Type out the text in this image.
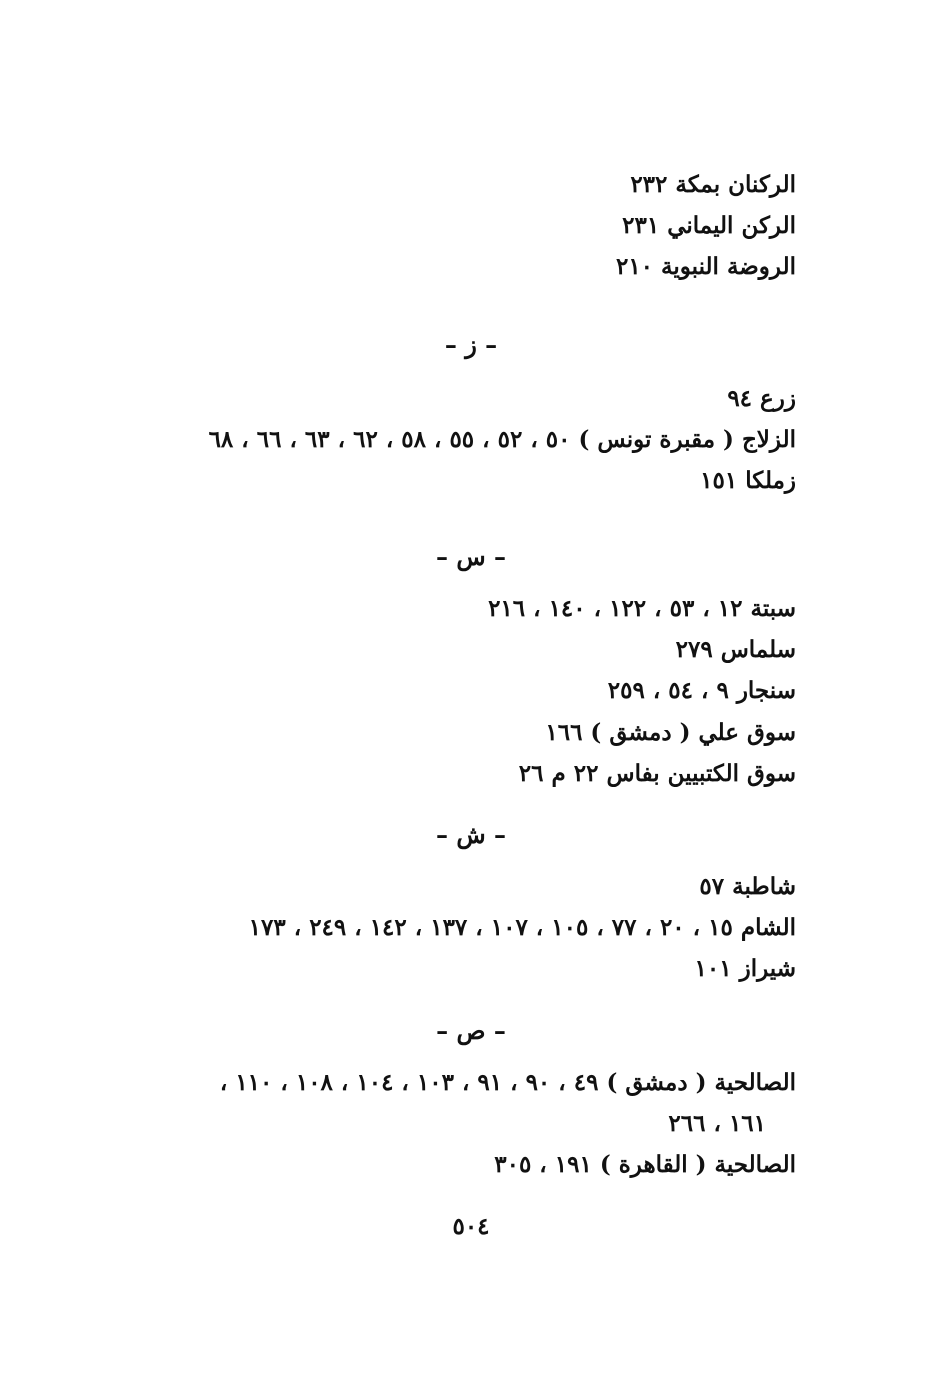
الركنان بمكة ٢٣٢
الركن اليماني ٢٣١
الروضة النبوية ٢١٠
– ز –
زرع ٩٤
الزلاج ( مقبرة تونس ) ٥٠ ، ٥٢ ، ٥٥ ، ٥٨ ، ٦٢ ، ٦٣ ، ٦٦ ، ٦٨
زملكا ١٥١
– س –
سبتة ١٢ ، ٥٣ ، ١٢٢ ، ١٤٠ ، ٢١٦
سلماس ٢٧٩
سنجار ٩ ، ٥٤ ، ٢٥٩
سوق علي ( دمشق ) ١٦٦
سوق الكتبيين بفاس ٢٢ م ٢٦
– ش –
شاطبة ٥٧
الشام ١٥ ، ٢٠ ، ٧٧ ، ١٠٥ ، ١٠٧ ، ١٣٧ ، ١٤٢ ، ٢٤٩ ، ١٧٣
شيراز ١٠١
– ص –
الصالحية ( دمشق ) ٤٩ ، ٩٠ ، ٩١ ، ١٠٣ ، ١٠٤ ، ١٠٨ ، ١١٠ ،
١٦١ ، ٢٦٦
الصالحية ( القاهرة ) ١٩١ ، ٣٠٥
٥٠٤
